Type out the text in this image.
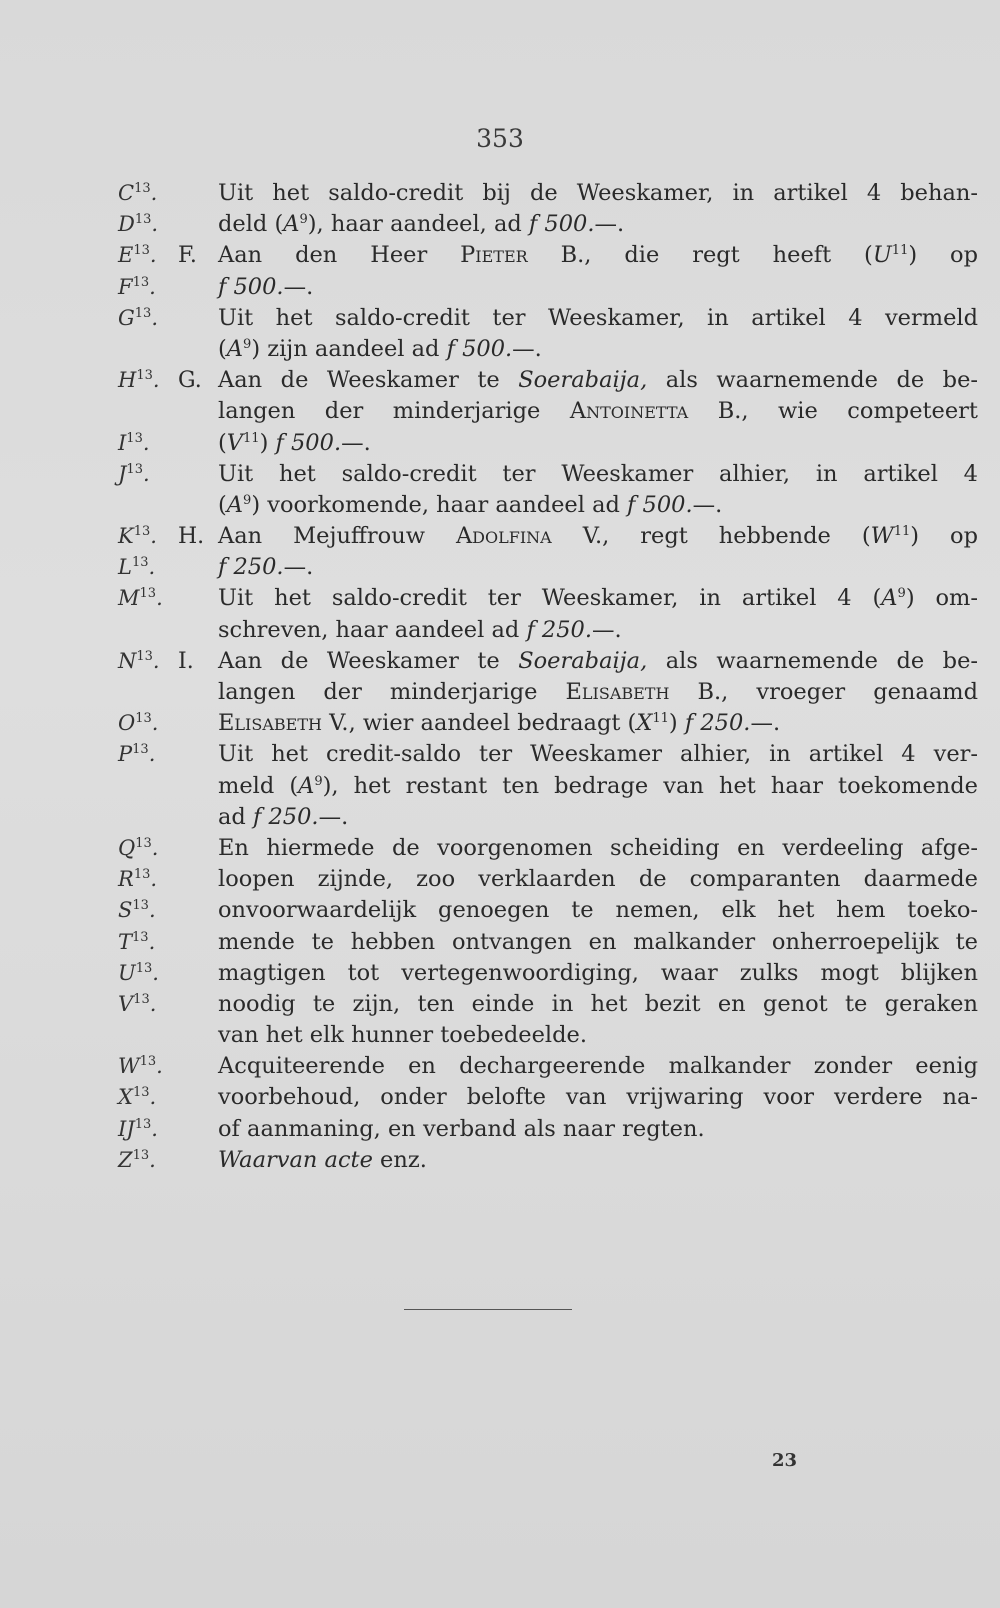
353
$C^{13}$.	Uit het saldo-credit bij de Weeskamer, in artikel 4 behan-
$D^{13}$.	deld $(A^9)$, haar aandeel, ad f 500.—.
$E^{13}$. F. Aan den Heer Pieter B., die regt heeft $(U^{11})$ op
$F^{13}$.	f 500.—.
$G^{13}$.	Uit het saldo-credit ter Weeskamer, in artikel 4 vermeld
$(A^9)$ zijn aandeel ad f 500.—.
$H^{13}$. G. Aan de Weeskamer te Soerabaija, als waarnemende de be-
langen der minderjarige Antoinetta B., wie competeert
$I^{13}$.	$(V^{11})$ f 500.—.
$J^{13}$.	Uit het saldo-credit ter Weeskamer alhier, in artikel 4
$(A^9)$ voorkomende, haar aandeel ad f 500.—.
$K^{13}$. H. Aan Mejuffrouw Adolfina V., regt hebbende $(W^{11})$ op
$L^{13}$.	f 250.—.
$M^{13}$.	Uit het saldo-credit ter Weeskamer, in artikel 4 $(A^9)$ om-
schreven, haar aandeel ad f 250.—.
$N^{13}$. I.	Aan de Weeskamer te Soerabaija, als waarnemende de be-
langen der minderjarige Elisabeth B., vroeger genaamd
$O^{13}$.	Elisabeth V., wier aandeel bedraagt $(X^{11})$ f 250.—.
$P^{13}$.	Uit het credit-saldo ter Weeskamer alhier, in artikel 4 ver-
meld $(A^9)$, het restant ten bedrage van het haar toekomende
ad f 250.—.
$Q^{13}$.	En hiermede de voorgenomen scheiding en verdeeling afge-
$R^{13}$.	loopen zijnde, zoo verklaarden de comparanten daarmede
$S^{13}$.	onvoorwaardelijk genoegen te nemen, elk het hem toeko-
$T^{13}$.	mende te hebben ontvangen en malkander onherroepelijk te
$U^{13}$.	magtigen tot vertegenwoordiging, waar zulks mogt blijken
$V^{13}$.	noodig te zijn, ten einde in het bezit en genot te geraken
van het elk hunner toebedeelde.
$W^{13}$.	Acquiteerende en dechargeerende malkander zonder eenig
$X^{13}$.	voorbehoud, onder belofte van vrijwaring voor verdere na-
IJ$^{13}$.	of aanmaning, en verband als naar regten.
$Z^{13}$.	Waarvan acte enz.
23
